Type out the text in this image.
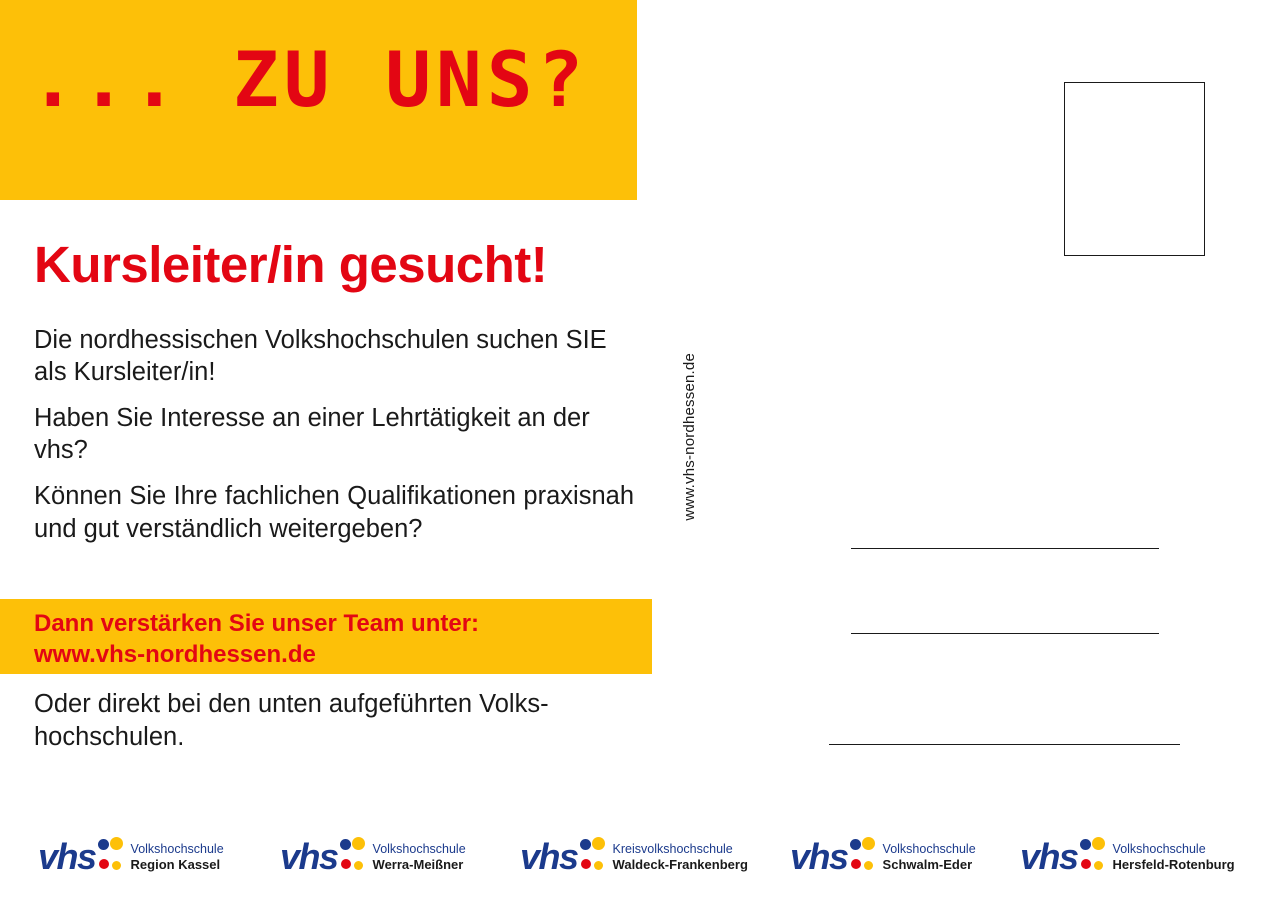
... ZU UNS?
Kursleiter/in gesucht!

Die nordhessischen Volkshochschulen suchen SIE als Kursleiter/in!

Haben Sie Interesse an einer Lehrtätigkeit an der vhs?

Können Sie Ihre fachlichen Qualifikationen praxisnah und gut verständlich weitergeben?

Dann verstärken Sie unser Team unter:
www.vhs-nordhessen.de

Oder direkt bei den unten aufgeführten Volks-hochschulen.

www.vhs-nordhessen.de
vhs	Volkshochschule
Region Kassel vhs	Volkshochschule
Werra-Meißner vhs	Kreisvolkshochschule
Waldeck-Frankenberg vhs	Volkshochschule
Schwalm-Eder vhs	Volkshochschule
Hersfeld-Rotenburg
